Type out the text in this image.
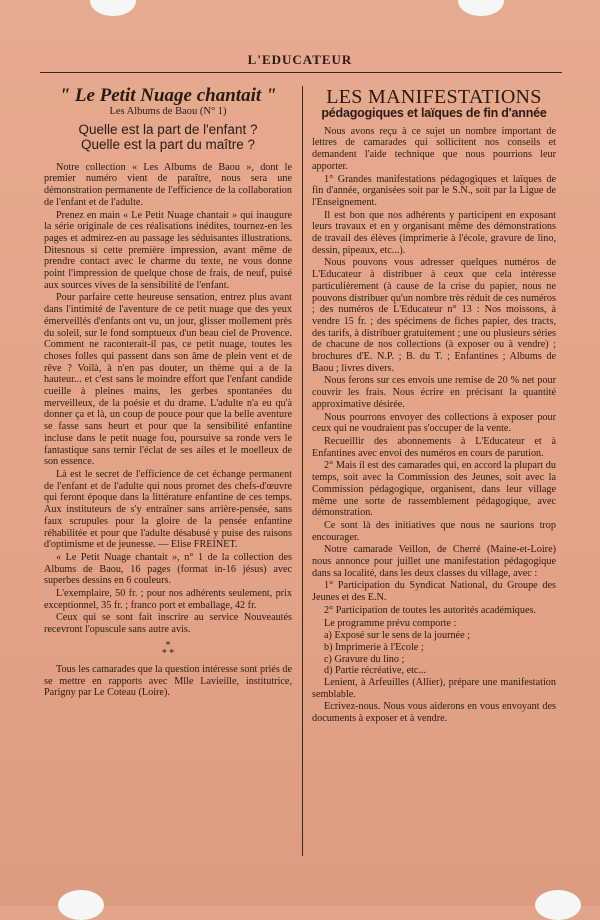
L'EDUCATEUR

" Le Petit Nuage chantait "

Les Albums de Baou (N° 1)

Quelle est la part de l'enfant ?

Quelle est la part du maître ?

Notre collection « Les Albums de Baou », dont le premier numéro vient de paraître, nous sera une démonstration permanente de l'efficience de la collaboration de l'enfant et de l'adulte.

Prenez en main « Le Petit Nuage chantait » qui inaugure la série originale de ces réalisations inédites, tournez-en les pages et admirez-en au passage les séduisantes illustrations. Ditesnous si cette première impression, avant même de prendre contact avec le charme du texte, ne vous donne point l'impression de quelque chose de frais, de neuf, puisé aux sources vives de la sensibilité de l'enfant.

Pour parfaire cette heureuse sensation, entrez plus avant dans l'intimité de l'aventure de ce petit nuage que des yeux émerveillés d'enfants ont vu, un jour, glisser mollement près du soleil, sur le fond somptueux d'un beau ciel de Provence. Comment ne raconterait-il pas, ce petit nuage, toutes les choses folles qui passent dans son âme de plein vent et de rêve ? Voilà, à n'en pas douter, un thème qui a de la hauteur... et c'est sans le moindre effort que l'enfant candide cueille à pleines mains, les gerbes spontanées du merveilleux, de la poésie et du drame. L'adulte n'a eu qu'à donner ça et là, un coup de pouce pour que la belle aventure se fasse sans heurt et pour que la sensibilité enfantine incluse dans le petit nuage fou, poursuive sa ronde vers le fantastique sans ternir l'éclat de ses ailes et le moelleux de son essence.

Là est le secret de l'efficience de cet échange permanent de l'enfant et de l'adulte qui nous promet des chefs-d'œuvre qui feront époque dans la littérature enfantine de ces temps. Aux instituteurs de s'y entraîner sans arrière-pensée, sans faux scrupules pour la gloire de la pensée enfantine réhabilitée et pour que l'adulte désabusé y puise des raisons d'optimisme et de jeunesse. — Elise FREINET.

« Le Petit Nuage chantait », n° 1 de la collection des Albums de Baou, 16 pages (format in-16 jésus) avec superbes dessins en 6 couleurs.

L'exemplaire, 50 fr. ; pour nos adhérents seulement, prix exceptionnel, 35 fr. ; franco port et emballage, 42 fr.

Ceux qui se sont fait inscrire au service Nouveautés recevront l'opuscule sans autre avis.

*
* *

Tous les camarades que la question intéresse sont priés de se mettre en rapports avec Mlle Lavieille, institutrice, Parigny par Le Coteau (Loire).

LES MANIFESTATIONS

pédagogiques et laïques de fin d'année

Nous avons reçu à ce sujet un nombre important de lettres de camarades qui sollicitent nos conseils et demandent l'aide technique que nous pourrions leur apporter.

1° Grandes manifestations pédagogiques et laïques de fin d'année, organisées soit par le S.N., soit par la Ligue de l'Enseignement.

Il est bon que nos adhérents y participent en exposant leurs travaux et en y organisant même des démonstrations de travail des élèves (imprimerie à l'école, gravure de lino, dessin, pipeaux, etc...).

Nous pouvons vous adresser quelques numéros de L'Educateur à distribuer à ceux que cela intéresse particulièrement (à cause de la crise du papier, nous ne pouvons distribuer qu'un nombre très réduit de ces numéros ; des numéros de L'Educateur n° 13 : Nos moissons, à vendre 15 fr. ; des spécimens de fiches papier, des tracts, des tarifs, à distribuer gratuitement ; une ou plusieurs séries de chacune de nos collections (à exposer ou à vendre) ; brochures d'E. N.P. ; B. du T. ; Enfantines ; Albums de Baou ; livres divers.

Nous ferons sur ces envois une remise de 20 % net pour couvrir les frais. Nous écrire en précisant la quantité approximative désirée.

Nous pourrons envoyer des collections à exposer pour ceux qui ne voudraient pas s'occuper de la vente.

Recueillir des abonnements à L'Educateur et à Enfantines avec envoi des numéros en cours de parution.

2° Mais il est des camarades qui, en accord la plupart du temps, soit avec la Commission des Jeunes, soit avec la Commission pédagogique, organisent, dans leur village même une sorte de rassemblement pédagogique, avec démonstration.

Ce sont là des initiatives que nous ne saurions trop encourager.

Notre camarade Veillon, de Cherré (Maine-et-Loire) nous annonce pour juillet une manifestation pédagogique dans sa localité, dans les deux classes du village, avec :

1° Participation du Syndicat National, du Groupe des Jeunes et des E.N.

2° Participation de toutes les autorités académiques.

Le programme prévu comporte :

a) Exposé sur le sens de la journée ;

b) Imprimerie à l'Ecole ;

c) Gravure du lino ;

d) Partie récréative, etc...

Lenient, à Arfeuilles (Allier), prépare une manifestation semblable.

Ecrivez-nous. Nous vous aiderons en vous envoyant des documents à exposer et à vendre.
